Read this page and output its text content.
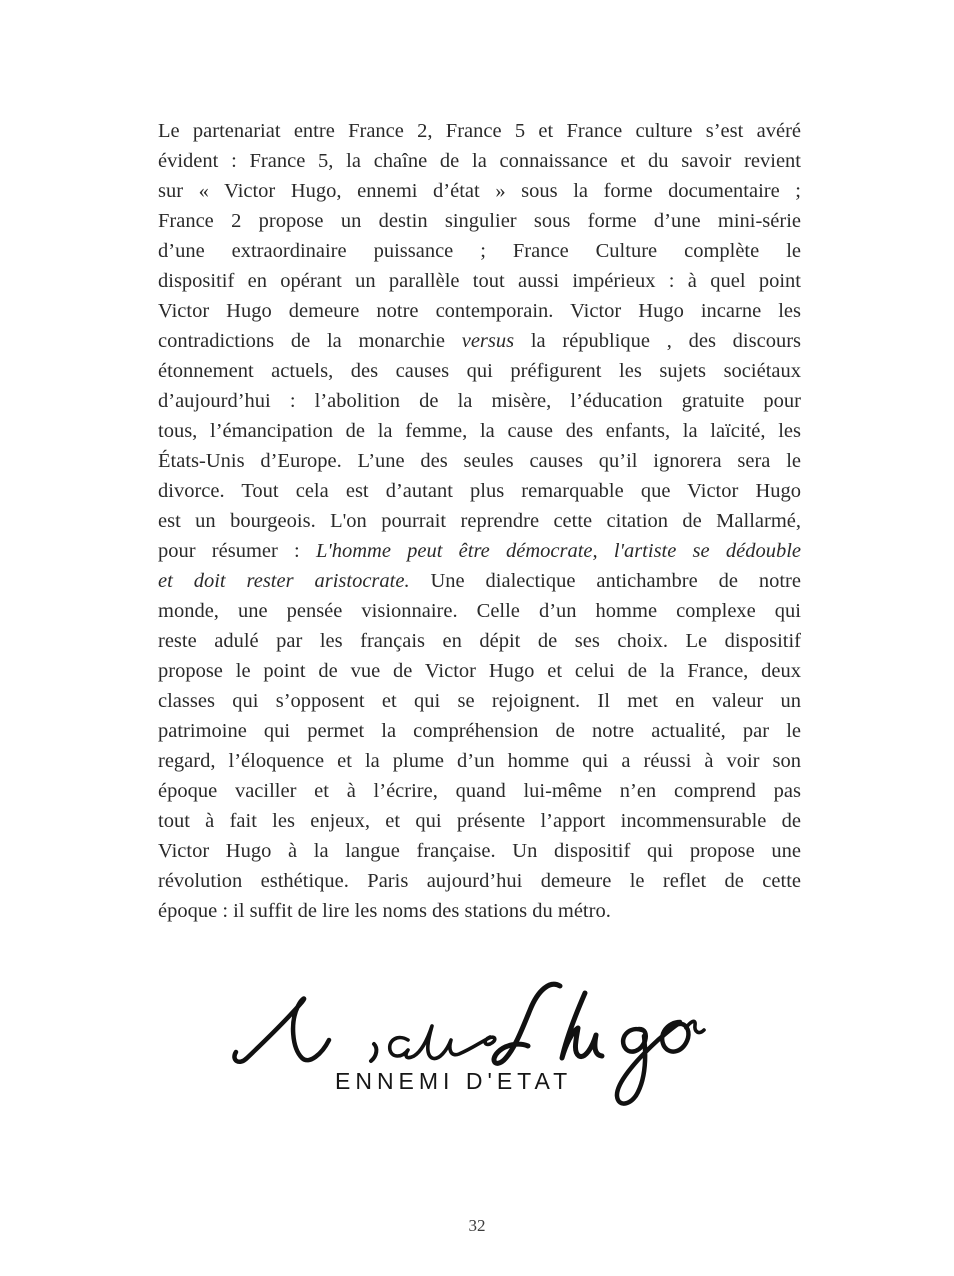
Le partenariat entre France 2, France 5 et France culture s’est avéré
évident : France 5, la chaîne de la connaissance et du savoir revient
sur « Victor Hugo, ennemi d’état » sous la forme documentaire ;
France 2 propose un destin singulier sous forme d’une mini-série
d’une extraordinaire puissance ; France Culture complète le
dispositif en opérant un parallèle tout aussi impérieux : à quel point
Victor Hugo demeure notre contemporain. Victor Hugo incarne les
contradictions de la monarchie versus la république , des discours
étonnement actuels, des causes qui préfigurent les sujets sociétaux
d’aujourd’hui : l’abolition de la misère, l’éducation gratuite pour
tous, l’émancipation de la femme, la cause des enfants, la laïcité, les
États-Unis d’Europe. L’une des seules causes qu’il ignorera sera le
divorce. Tout cela est d’autant plus remarquable que Victor Hugo
est un bourgeois. L'on pourrait reprendre cette citation de Mallarmé,
pour résumer : L'homme peut être démocrate, l'artiste se dédouble
et doit rester aristocrate. Une dialectique antichambre de notre
monde, une pensée visionnaire. Celle d’un homme complexe qui
reste adulé par les français en dépit de ses choix. Le dispositif
propose le point de vue de Victor Hugo et celui de la France, deux
classes qui s’opposent et qui se rejoignent. Il met en valeur un
patrimoine qui permet la compréhension de notre actualité, par le
regard, l’éloquence et la plume d’un homme qui a réussi à voir son
époque vaciller et à l’écrire, quand lui-même n’en comprend pas
tout à fait les enjeux, et qui présente l’apport incommensurable de
Victor Hugo à la langue française. Un dispositif qui propose une
révolution esthétique. Paris aujourd’hui demeure le reflet de cette
époque : il suffit de lire les noms des stations du métro.
ENNEMI D'ETAT
32
